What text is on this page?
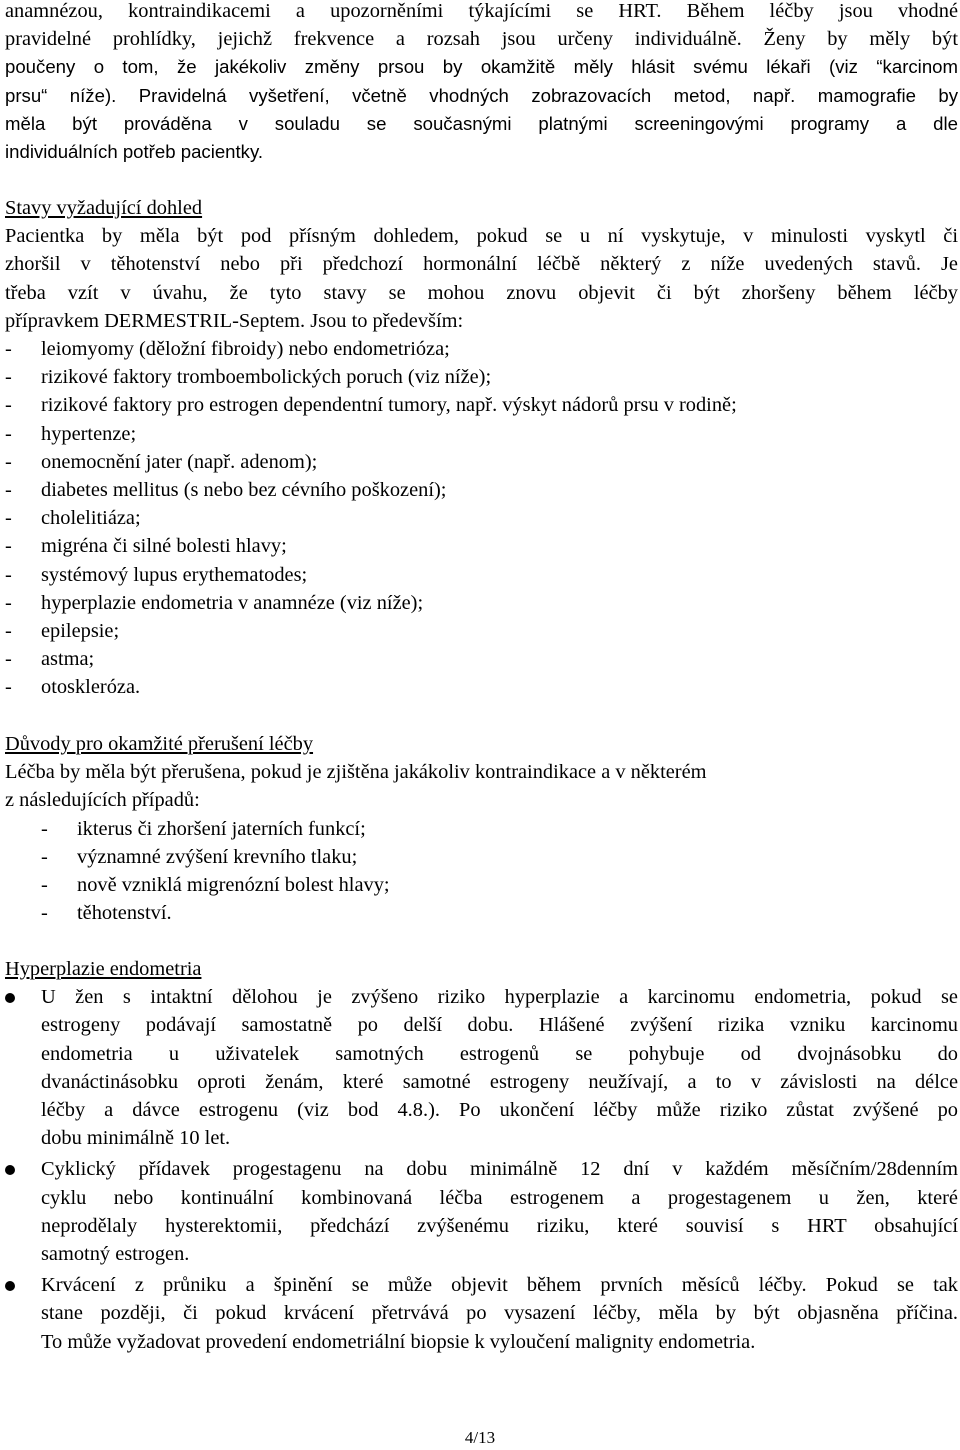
anamnézou, kontraindikacemi a upozorněními týkajícími se HRT. Během léčby jsou vhodné
pravidelné prohlídky, jejichž frekvence a rozsah jsou určeny individuálně. Ženy by měly být
poučeny o tom, že jakékoliv změny prsou by okamžitě měly hlásit svému lékaři (viz “karcinom
prsu“ níže). Pravidelná vyšetření, včetně vhodných zobrazovacích metod, např. mamografie by
měla být prováděna v souladu se současnými platnými screeningovými programy a dle
individuálních potřeb pacientky.

Stavy vyžadující dohled

Pacientka by měla být pod přísným dohledem, pokud se u ní vyskytuje, v minulosti vyskytl či
zhoršil v těhotenství nebo při předchozí hormonální léčbě některý z níže uvedených stavů. Je
třeba vzít v úvahu, že tyto stavy se mohou znovu objevit či být zhoršeny během léčby
přípravkem DERMESTRIL-Septem. Jsou to především:
- leiomyomy (děložní fibroidy) nebo endometrióza;
- rizikové faktory tromboembolických poruch (viz níže);
- rizikové faktory pro estrogen dependentní tumory, např. výskyt nádorů prsu v rodině;
- hypertenze;
- onemocnění jater (např. adenom);
- diabetes mellitus (s nebo bez cévního poškození);
- cholelitiáza;
- migréna či silné bolesti hlavy;
- systémový lupus erythematodes;
- hyperplazie endometria v anamnéze (viz níže);
- epilepsie;
- astma;
- otoskleróza.

Důvody pro okamžité přerušení léčby

Léčba by měla být přerušena, pokud je zjištěna jakákoliv kontraindikace a v některém
z následujících případů:
- ikterus či zhoršení jaterních funkcí;
- významné zvýšení krevního tlaku;
- nově vzniklá migrenózní bolest hlavy;
- těhotenství.

Hyperplazie endometria

U žen s intaktní dělohou je zvýšeno riziko hyperplazie a karcinomu endometria, pokud se
estrogeny podávají samostatně po delší dobu. Hlášené zvýšení rizika vzniku karcinomu
endometria u uživatelek samotných estrogenů se pohybuje od dvojnásobku do
dvanáctinásobku oproti ženám, které samotné estrogeny neužívají, a to v závislosti na délce
léčby a dávce estrogenu (viz bod 4.8.). Po ukončení léčby může riziko zůstat zvýšené po
dobu minimálně 10 let.
Cyklický přídavek progestagenu na dobu minimálně 12 dní v každém měsíčním/28denním
cyklu nebo kontinuální kombinovaná léčba estrogenem a progestagenem u žen, které
neprodělaly hysterektomii, předchází zvýšenému riziku, které souvisí s HRT obsahující
samotný estrogen.
Krvácení z průniku a špinění se může objevit během prvních měsíců léčby. Pokud se tak
stane později, či pokud krvácení přetrvává po vysazení léčby, měla by být objasněna příčina.
To může vyžadovat provedení endometriální biopsie k vyloučení malignity endometria.
4/13
